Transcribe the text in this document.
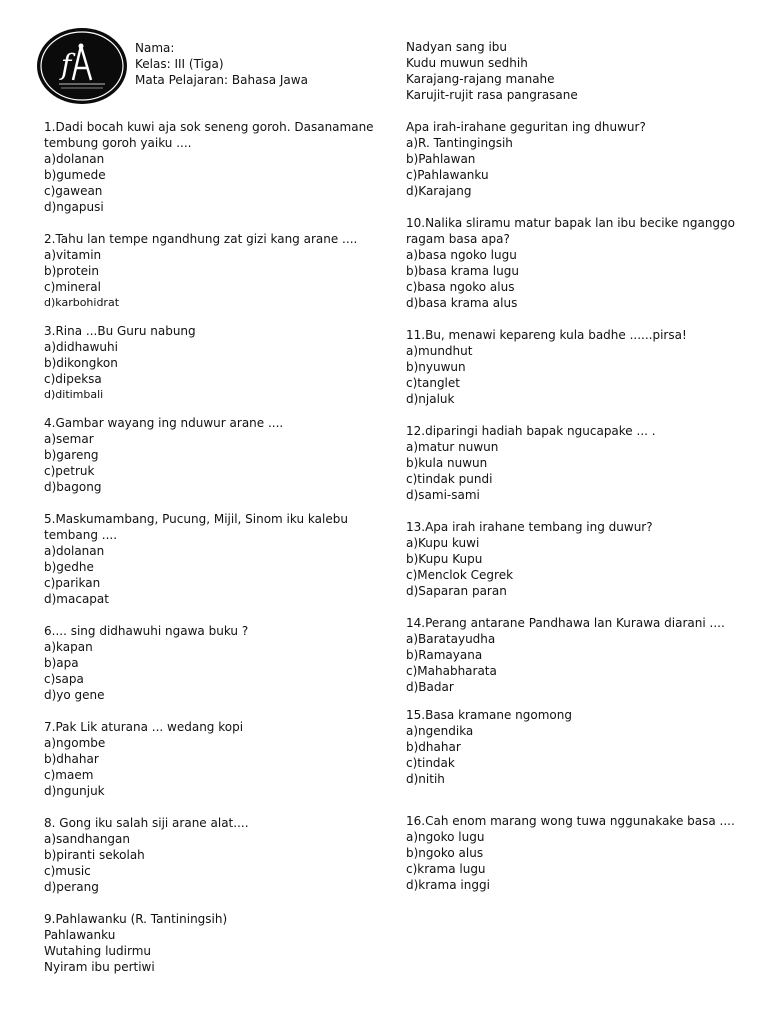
f	Nama:
Kelas: III (Tiga)
Mata Pelajaran: Bahasa Jawa
1.Dadi bocah kuwi aja sok seneng goroh. Dasanamane tembung goroh yaiku ....
a)dolanan
b)gumede
c)gawean
d)ngapusi
2.Tahu lan tempe ngandhung zat gizi kang arane ....
a)vitamin
b)protein
c)mineral
d)karbohidrat
3.Rina ...Bu Guru nabung
a)didhawuhi
b)dikongkon
c)dipeksa
d)ditimbali
4.Gambar wayang ing nduwur arane ....
a)semar
b)gareng
c)petruk
d)bagong
5.Maskumambang, Pucung, Mijil, Sinom iku kalebu tembang ....
a)dolanan
b)gedhe
c)parikan
d)macapat
6.... sing didhawuhi ngawa buku ?
a)kapan
b)apa
c)sapa
d)yo gene
7.Pak Lik aturana ... wedang kopi
a)ngombe
b)dhahar
c)maem
d)ngunjuk
8. Gong iku salah siji arane alat....
a)sandhangan
b)piranti sekolah
c)music
d)perang
9.Pahlawanku (R. Tantiningsih)
Pahlawanku
Wutahing ludirmu
Nyiram ibu pertiwi
Nadyan sang ibu
Kudu muwun sedhih
Karajang-rajang manahe
Karujit-rujit rasa pangrasane
Apa irah-irahane geguritan ing dhuwur?
a)R. Tantingingsih
b)Pahlawan
c)Pahlawanku
d)Karajang
10.Nalika sliramu matur bapak lan ibu becike nganggo ragam basa apa?
a)basa ngoko lugu
b)basa krama lugu
c)basa ngoko alus
d)basa krama alus
11.Bu, menawi kepareng kula badhe ......pirsa!
a)mundhut
b)nyuwun
c)tanglet
d)njaluk
12.diparingi hadiah bapak ngucapake ... .
a)matur nuwun
b)kula nuwun
c)tindak pundi
d)sami-sami
13.Apa irah irahane tembang ing duwur?
a)Kupu kuwi
b)Kupu Kupu
c)Menclok Cegrek
d)Saparan paran
14.Perang antarane Pandhawa lan Kurawa diarani ....
a)Baratayudha
b)Ramayana
c)Mahabharata
d)Badar
15.Basa kramane ngomong
a)ngendika
b)dhahar
c)tindak
d)nitih
16.Cah enom marang wong tuwa nggunakake basa ....
a)ngoko lugu
b)ngoko alus
c)krama lugu
d)krama inggi
